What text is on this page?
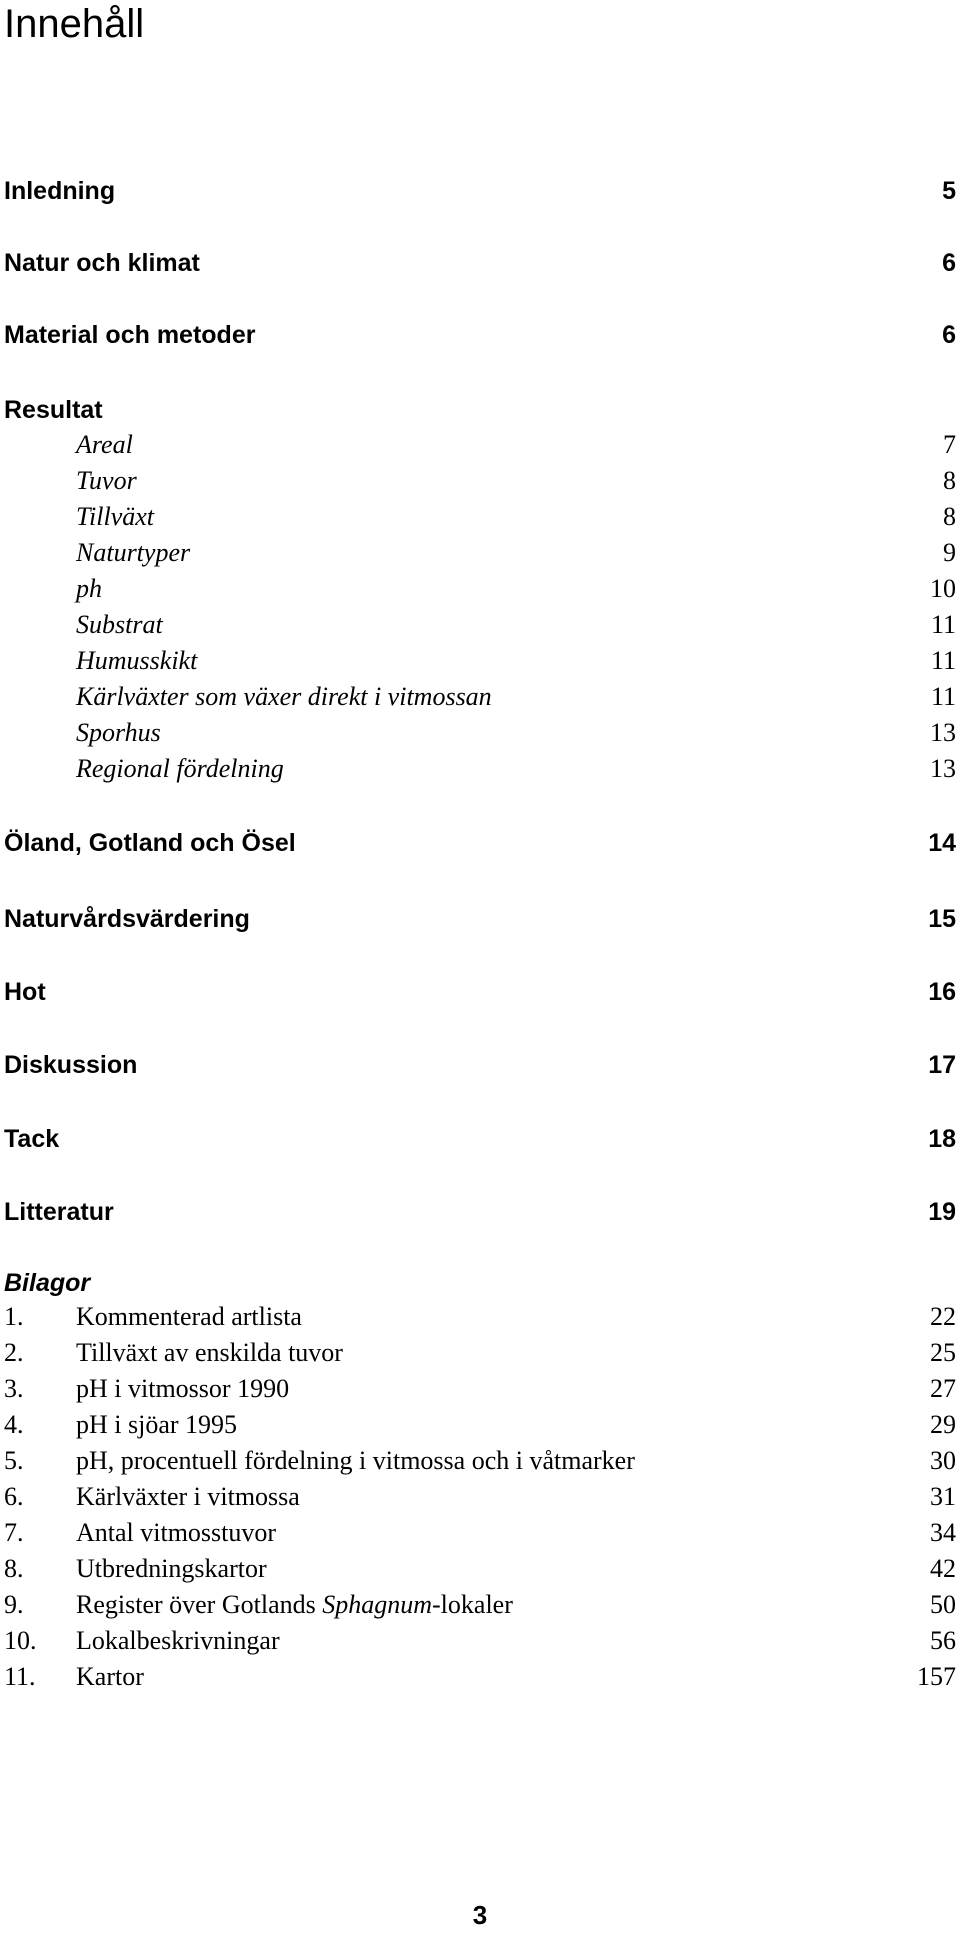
Innehåll
Inledning	5
Natur och klimat	6
Material och metoder	6
Resultat
Areal	7
Tuvor	8
Tillväxt	8
Naturtyper	9
ph	10
Substrat	11
Humusskikt	11
Kärlväxter som växer direkt i vitmossan	11
Sporhus	13
Regional fördelning	13
Öland, Gotland och Ösel	14
Naturvårdsvärdering	15
Hot	16
Diskussion	17
Tack	18
Litteratur	19
Bilagor
1. Kommenterad artlista	22
2. Tillväxt av enskilda tuvor	25
3. pH i vitmossor 1990	27
4. pH i sjöar 1995	29
5. pH, procentuell fördelning i vitmossa och i våtmarker	30
6. Kärlväxter i vitmossa	31
7. Antal vitmosstuvor	34
8. Utbredningskartor	42
9. Register över Gotlands Sphagnum-lokaler	50
10. Lokalbeskrivningar	56
11. Kartor	157
3
